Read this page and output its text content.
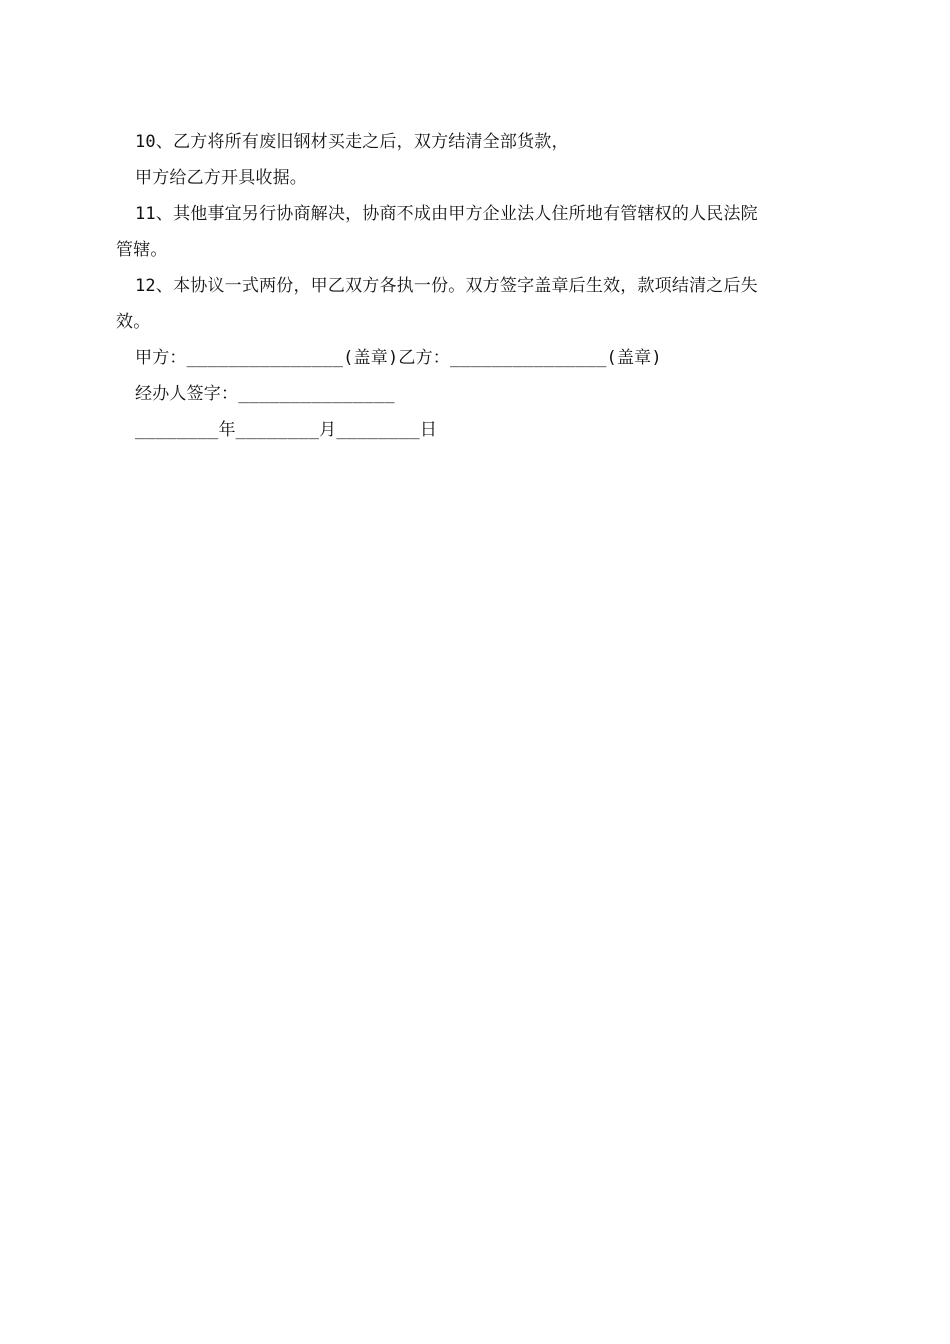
10、乙方将所有废旧钢材买走之后，双方结清全部货款，
甲方给乙方开具收据。
11、其他事宜另行协商解决，协商不成由甲方企业法人住所地有管辖权的人民法院
管辖。
12、本协议一式两份，甲乙双方各执一份。双方签字盖章后生效，款项结清之后失
效。
甲方：_______________(盖章)乙方：_______________(盖章)
经办人签字：_______________
________年________月________日
